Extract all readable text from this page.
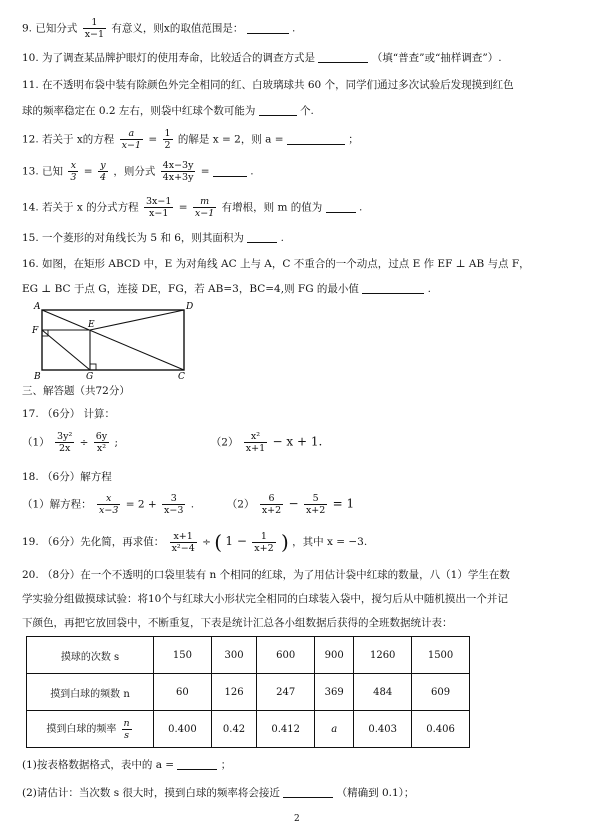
9. 已知分式 $\frac{1}{x-1}$ 有意义，则x的取值范围是：	.
10. 为了调查某品牌护眼灯的使用寿命，比较适合的调查方式是	（填“普查”或“抽样调查”）.
11. 在不透明布袋中装有除颜色外完全相同的红、白玻璃球共 60 个，同学们通过多次试验后发现摸到红色
球的频率稳定在 0.2 左右，则袋中红球个数可能为	个.
12. 若关于 x的方程 $\frac{a}{x-1} = \frac{1}{2}$ 的解是 x = 2，则 a =	；
13. 已知 $\frac{x}{3} = \frac{y}{4}$ ，则分式 $\frac{4x-3y}{4x+3y}$ =	.
14. 若关于 x 的分式方程 $\frac{3x-1}{x-1} = \frac{m}{x-1}$ 有增根，则 m 的值为	.
15. 一个菱形的对角线长为 5 和 6，则其面积为	.
16. 如图，在矩形 ABCD 中，E 为对角线 AC 上与 A，C 不重合的一个动点，过点 E 作 EF ⊥ AB 与点 F，
EG ⊥ BC 于点 G，连接 DE，FG，若 AB=3，BC=4,则 FG 的最小值	.
A	D
E
F
B	G	C
三、解答题（共72分）
17. （6分） 计算：
$(1) \frac{\text{3y²}}{2x} \div \frac{6y}{\text{x²}}$ ;	$(2) \frac{\text{x²}}{x+1} - x + 1$.
18. （6分）解方程
（1）解方程： $\frac{x}{x-3} = 2 + \frac{3}{x-3}$ .	$(2) \frac{6}{x+2} - \frac{5}{x+2} = 1$
19. （6分）先化简，再求值： $\frac{x+1}{\text{x²−4}}$ ÷ ( $1 - \frac{1}{x+2}$ ) ，其中 x = −3.
20. （8分）在一个不透明的口袋里装有 n 个相同的红球，为了用估计袋中红球的数量，八（1）学生在数
学实验分组做摸球试验：将10个与红球大小形状完全相同的白球装入袋中，搅匀后从中随机摸出一个并记
下颜色，再把它放回袋中，不断重复，下表是统计汇总各小组数据后获得的全班数据统计表：
摸球的次数 s	150	300	600	900	1260	1500
摸到白球的频数 n	60	126	247	369	484	609
摸到白球的频率 $\frac{n}{s}$	0.400	0.42	0.412	a	0.403	0.406
(1)按表格数据格式，表中的 a =	；
(2)请估计：当次数 s 很大时，摸到白球的频率将会接近	（精确到 0.1）；
2
